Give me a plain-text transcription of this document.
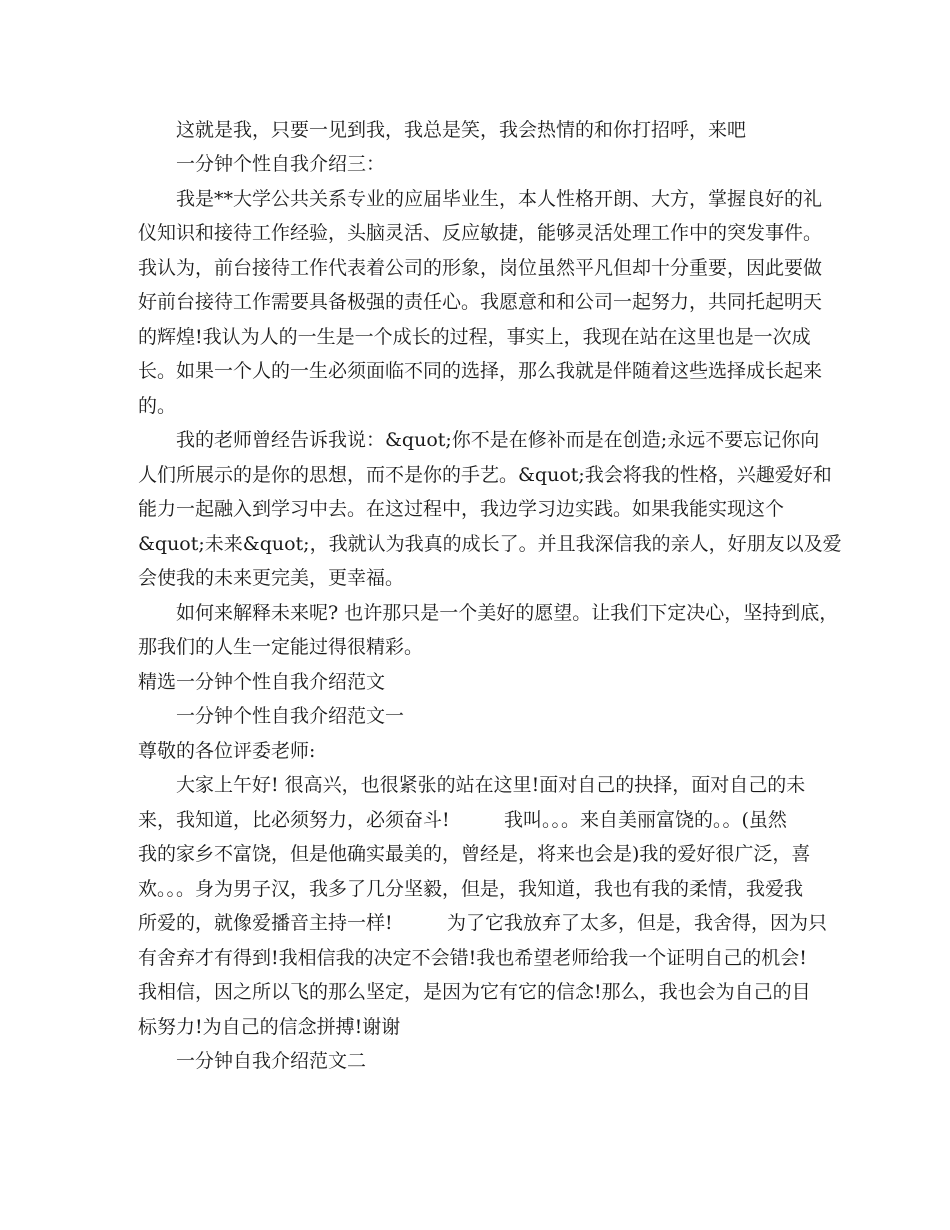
这就是我，只要一见到我，我总是笑，我会热情的和你打招呼，来吧

一分钟个性自我介绍三：

我是**大学公共关系专业的应届毕业生，本人性格开朗、大方，掌握良好的礼

仪知识和接待工作经验，头脑灵活、反应敏捷，能够灵活处理工作中的突发事件。

我认为，前台接待工作代表着公司的形象，岗位虽然平凡但却十分重要，因此要做

好前台接待工作需要具备极强的责任心。我愿意和和公司一起努力，共同托起明天

的辉煌!我认为人的一生是一个成长的过程，事实上，我现在站在这里也是一次成

长。如果一个人的一生必须面临不同的选择，那么我就是伴随着这些选择成长起来

的。

我的老师曾经告诉我说：&quot;你不是在修补而是在创造;永远不要忘记你向

人们所展示的是你的思想，而不是你的手艺。&quot;我会将我的性格，兴趣爱好和

能力一起融入到学习中去。在这过程中，我边学习边实践。如果我能实现这个

&quot;未来&quot;，我就认为我真的成长了。并且我深信我的亲人，好朋友以及爱

会使我的未来更完美，更幸福。

如何来解释未来呢? 也许那只是一个美好的愿望。让我们下定决心，坚持到底，

那我们的人生一定能过得很精彩。

精选一分钟个性自我介绍范文

一分钟个性自我介绍范文一

尊敬的各位评委老师:

大家上午好! 很高兴，也很紧张的站在这里!面对自己的抉择，面对自己的未

来，我知道，比必须努力，必须奋斗!         我叫。。。来自美丽富饶的。。(虽然

我的家乡不富饶，但是他确实最美的，曾经是，将来也会是)我的爱好很广泛，喜

欢。。。身为男子汉，我多了几分坚毅，但是，我知道，我也有我的柔情，我爱我

所爱的，就像爱播音主持一样!         为了它我放弃了太多，但是，我舍得，因为只

有舍弃才有得到!我相信我的决定不会错!我也希望老师给我一个证明自己的机会!

我相信，因之所以飞的那么坚定，是因为它有它的信念!那么，我也会为自己的目

标努力!为自己的信念拼搏!谢谢

一分钟自我介绍范文二
